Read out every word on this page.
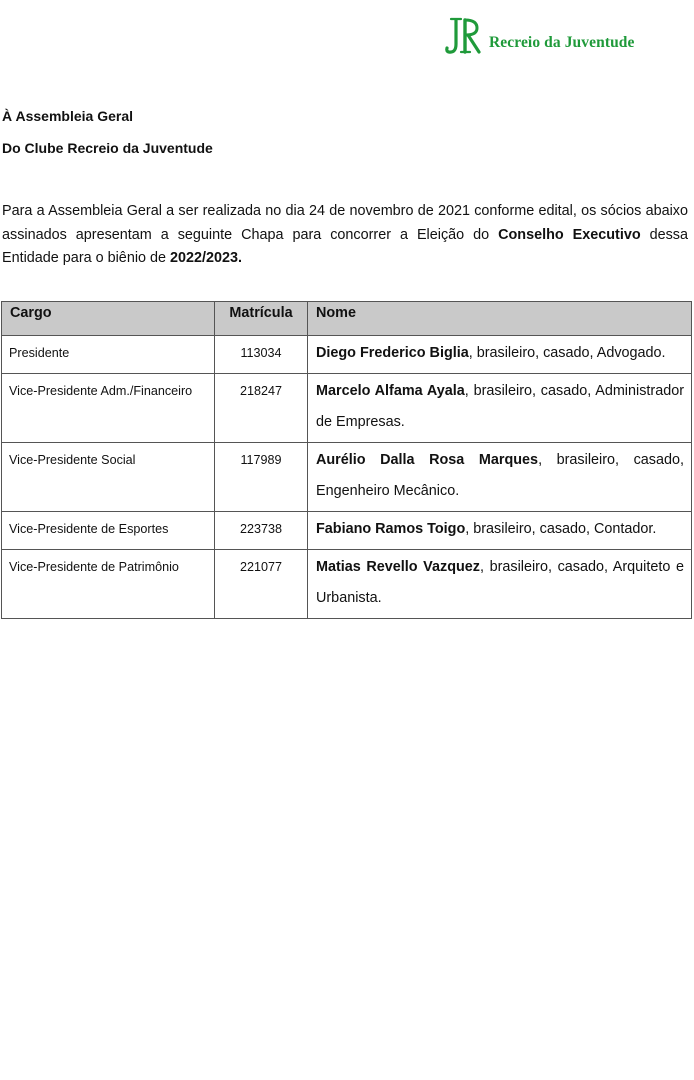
Recreio da Juventude
À Assembleia Geral
Do Clube Recreio da Juventude

Para a Assembleia Geral a ser realizada no dia 24 de novembro de 2021 conforme edital, os sócios abaixo assinados apresentam a seguinte Chapa para concorrer a Eleição do Conselho Executivo dessa Entidade para o biênio de 2022/2023.

Cargo	Matrícula	Nome
Presidente	113034	Diego Frederico Biglia, brasileiro, casado, Advogado.
Vice-Presidente Adm./Financeiro	218247	Marcelo Alfama Ayala, brasileiro, casado, Administrador de Empresas.
Vice-Presidente Social	117989	Aurélio Dalla Rosa Marques, brasileiro, casado, Engenheiro Mecânico.
Vice-Presidente de Esportes	223738	Fabiano Ramos Toigo, brasileiro, casado, Contador.
Vice-Presidente de Patrimônio	221077	Matias Revello Vazquez, brasileiro, casado, Arquiteto e Urbanista.
